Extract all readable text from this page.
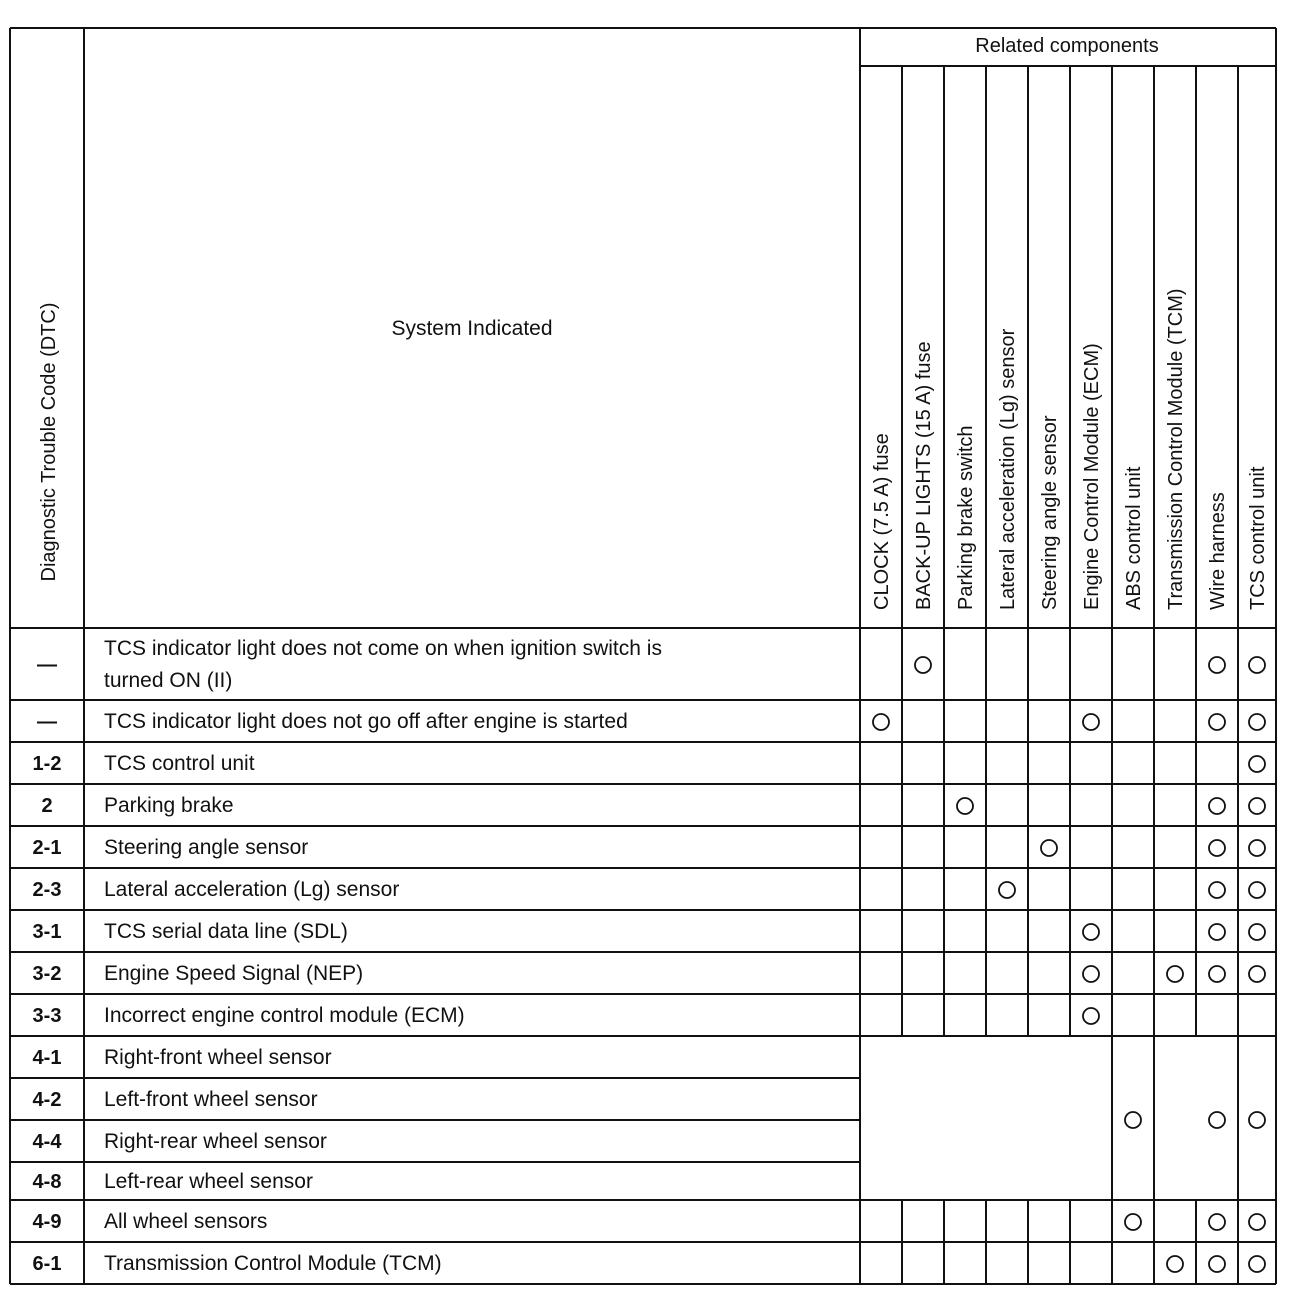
Diagnostic Trouble Code (DTC)	System Indicated
Related components
CLOCK (7.5 A) fuse BACK-UP LIGHTS (15 A) fuse Parking brake switch Lateral acceleration (Lg) sensor Steering angle sensor Engine Control Module (ECM) ABS control unit Transmission Control Module (TCM) Wire harness TCS control unit
—
TCS indicator light does not come on when ignition switch is
turned ON (II)
— TCS indicator light does not go off after engine is started
1-2 TCS control unit
2 Parking brake
2-1 Steering angle sensor
2-3 Lateral acceleration (Lg) sensor
3-1 TCS serial data line (SDL)
3-2 Engine Speed Signal (NEP)
3-3 Incorrect engine control module (ECM)
4-1 Right-front wheel sensor
4-2 Left-front wheel sensor
4-4 Right-rear wheel sensor
4-8 Left-rear wheel sensor
4-9 All wheel sensors
6-1 Transmission Control Module (TCM)
